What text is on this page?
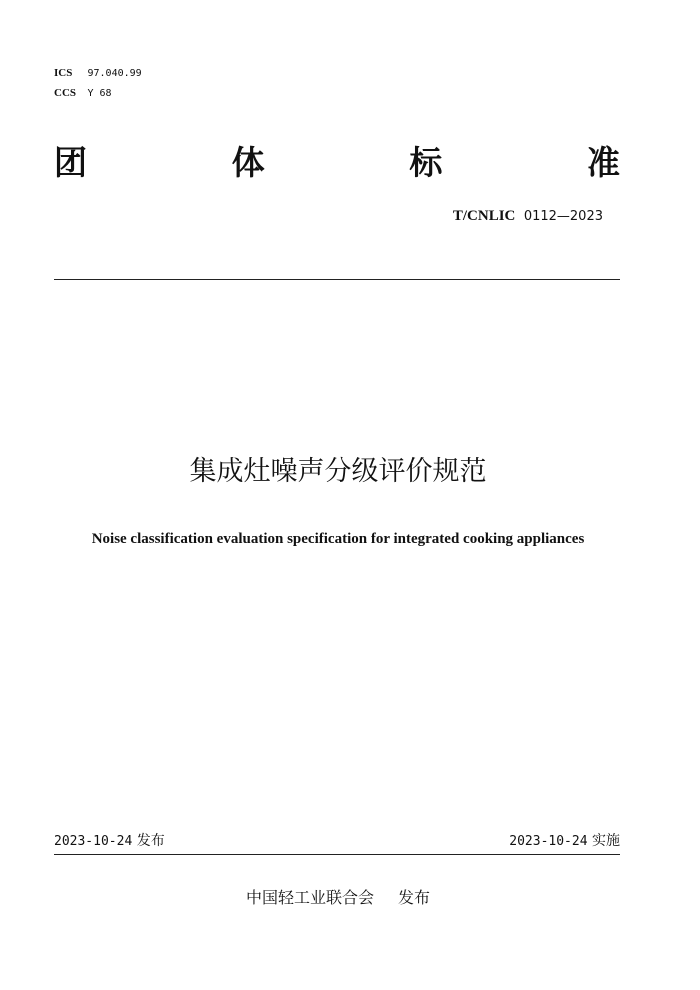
ICS 97.040.99
CCS Y 68
团	体	标	准
T/CNLIC 0112—2023
集成灶噪声分级评价规范
Noise classification evaluation specification for integrated cooking appliances
2023-10-24 发布	2023-10-24 实施
中国轻工业联合会 发布
